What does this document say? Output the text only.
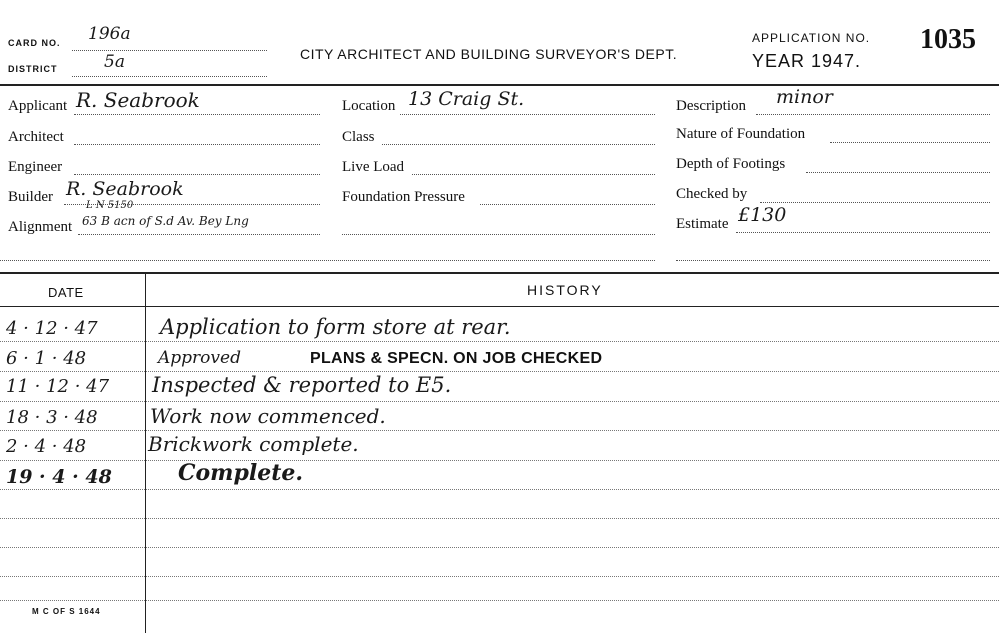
CARD NO. 196a
DISTRICT	5a	CITY ARCHITECT AND BUILDING SURVEYOR'S DEPT.
APPLICATION NO.
YEAR 1947.
1035
Applicant R. Seabrook
Architect
Engineer
Builder R. Seabrook
Alignment
L N 5150
63 B acn of S.d Av. Bey Lng
Location 13 Craig St.
Class
Live Load
Foundation Pressure
Description minor
Nature of Foundation
Depth of Footings
Checked by
Estimate £130
DATE	HISTORY
4 · 12 · 47	Application to form store at rear.
6 · 1 · 48	Approved	PLANS & SPECN. ON JOB CHECKED
11 · 12 · 47 Inspected & reported to E5.
18 · 3 · 48	Work now commenced.
2 · 4 · 48	Brickwork complete.
19 · 4 · 48	Complete.
M C OF S 1644
